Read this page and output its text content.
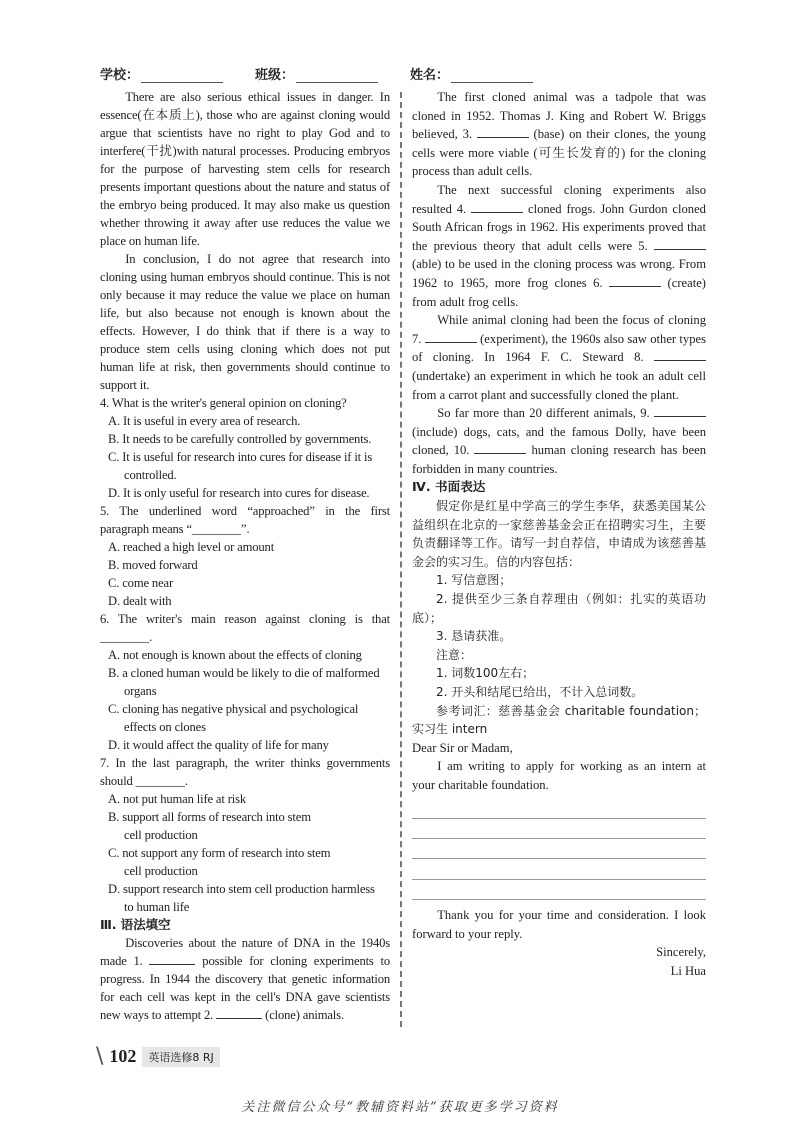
学校：	班级：	姓名：

There are also serious ethical issues in danger. In essence(在本质上), those who are against cloning would argue that scientists have no right to play God and to interfere(干扰)with natural processes. Producing embryos for the purpose of harvesting stem cells for research presents important questions about the nature and status of the embryo being produced. It may also make us question whether throwing it away after use reduces the value we place on human life.

In conclusion, I do not agree that research into cloning using human embryos should continue. This is not only because it may reduce the value we place on human life, but also because not enough is known about the effects. However, I do think that if there is a way to produce stem cells using cloning which does not put human life at risk, then governments should continue to support it.

4. What is the writer's general opinion on cloning?

A. It is useful in every area of research.
B. It needs to be carefully controlled by governments.
C. It is useful for research into cures for disease if it is
controlled.
D. It is only useful for research into cures for disease.

5. The underlined word “approached” in the first paragraph means “________”.

A. reached a high level or amount
B. moved forward
C. come near
D. dealt with

6. The writer's main reason against cloning is that ________.

A. not enough is known about the effects of cloning
B. a cloned human would be likely to die of malformed
organs
C. cloning has negative physical and psychological
effects on clones
D. it would affect the quality of life for many

7. In the last paragraph, the writer thinks governments should ________.

A. not put human life at risk
B. support all forms of research into stem
cell production
C. not support any form of research into stem
cell production
D. support research into stem cell production harmless
to human life
Ⅲ. 语法填空

Discoveries about the nature of DNA in the 1940s made 1.	possible for cloning experiments to progress. In 1944 the discovery that genetic information for each cell was kept in the cell's DNA gave scientists new ways to attempt 2.	(clone) animals.

The first cloned animal was a tadpole that was cloned in 1952. Thomas J. King and Robert W. Briggs believed, 3.	(base) on their clones, the young cells were more viable (可生长发育的) for the cloning process than adult cells.

The next successful cloning experiments also resulted 4.	cloned frogs. John Gurdon cloned South African frogs in 1962. His experiments proved that the previous theory that adult cells were 5.  (able) to be used in the cloning process was wrong. From 1962 to 1965, more frog clones 6.	(create) from adult frog cells.

While animal cloning had been the focus of cloning 7.	(experiment), the 1960s also saw other types of cloning. In 1964 F. C. Steward 8.  (undertake) an experiment in which he took an adult cell from a carrot plant and successfully cloned the plant.

So far more than 20 different animals, 9.  (include) dogs, cats, and the famous Dolly, have been cloned, 10.	human cloning research has been forbidden in many countries.

Ⅳ. 书面表达

假定你是红星中学高三的学生李华，获悉美国某公益组织在北京的一家慈善基金会正在招聘实习生，主要负责翻译等工作。请写一封自荐信，申请成为该慈善基金会的实习生。信的内容包括：

1. 写信意图；

2. 提供至少三条自荐理由（例如：扎实的英语功底）；

3. 恳请获准。

注意：

1. 词数100左右；

2. 开头和结尾已给出，不计入总词数。

参考词汇：慈善基金会 charitable foundation；实习生 intern

Dear Sir or Madam,

I am writing to apply for working as an intern at your charitable foundation.

Thank you for your time and consideration. I look forward to your reply.

Sincerely,

Li Hua

\ 102	英语选修8 RJ
关注微信公众号“教辅资料站”获取更多学习资料
